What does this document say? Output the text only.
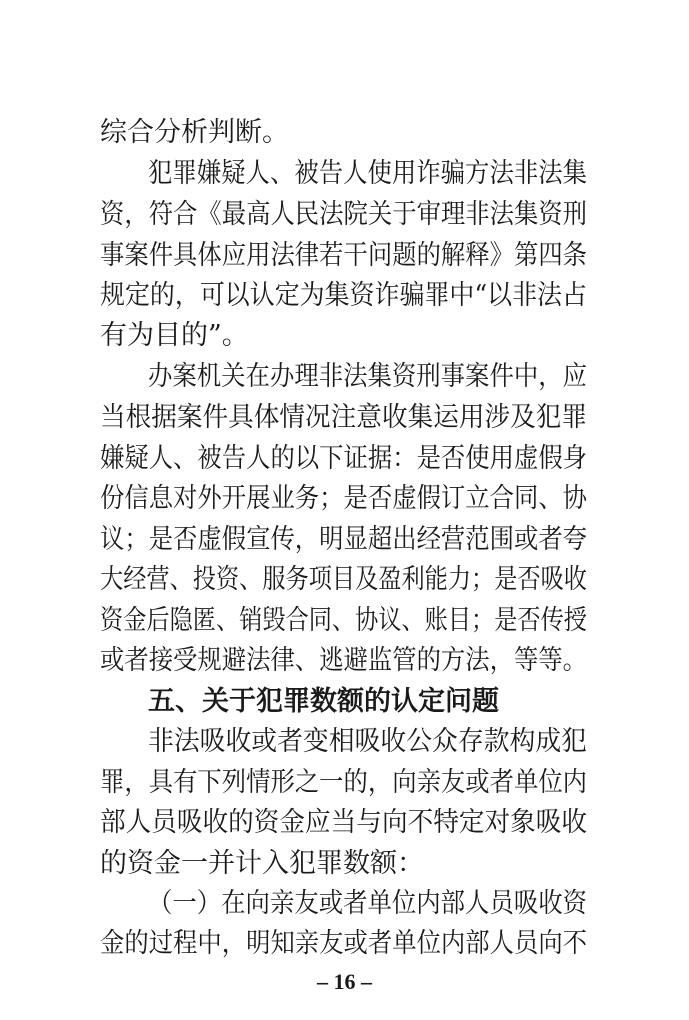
综合分析判断。
犯罪嫌疑人、被告人使用诈骗方法非法集
资，符合《最高人民法院关于审理非法集资刑
事案件具体应用法律若干问题的解释》第四条
规定的，可以认定为集资诈骗罪中“以非法占
有为目的”。
办案机关在办理非法集资刑事案件中，应
当根据案件具体情况注意收集运用涉及犯罪
嫌疑人、被告人的以下证据：是否使用虚假身
份信息对外开展业务；是否虚假订立合同、协
议；是否虚假宣传，明显超出经营范围或者夸
大经营、投资、服务项目及盈利能力；是否吸收
资金后隐匿、销毁合同、协议、账目；是否传授
或者接受规避法律、逃避监管的方法，等等。
五、关于犯罪数额的认定问题
非法吸收或者变相吸收公众存款构成犯
罪，具有下列情形之一的，向亲友或者单位内
部人员吸收的资金应当与向不特定对象吸收
的资金一并计入犯罪数额：
（一）在向亲友或者单位内部人员吸收资
金的过程中，明知亲友或者单位内部人员向不
– 16 –
